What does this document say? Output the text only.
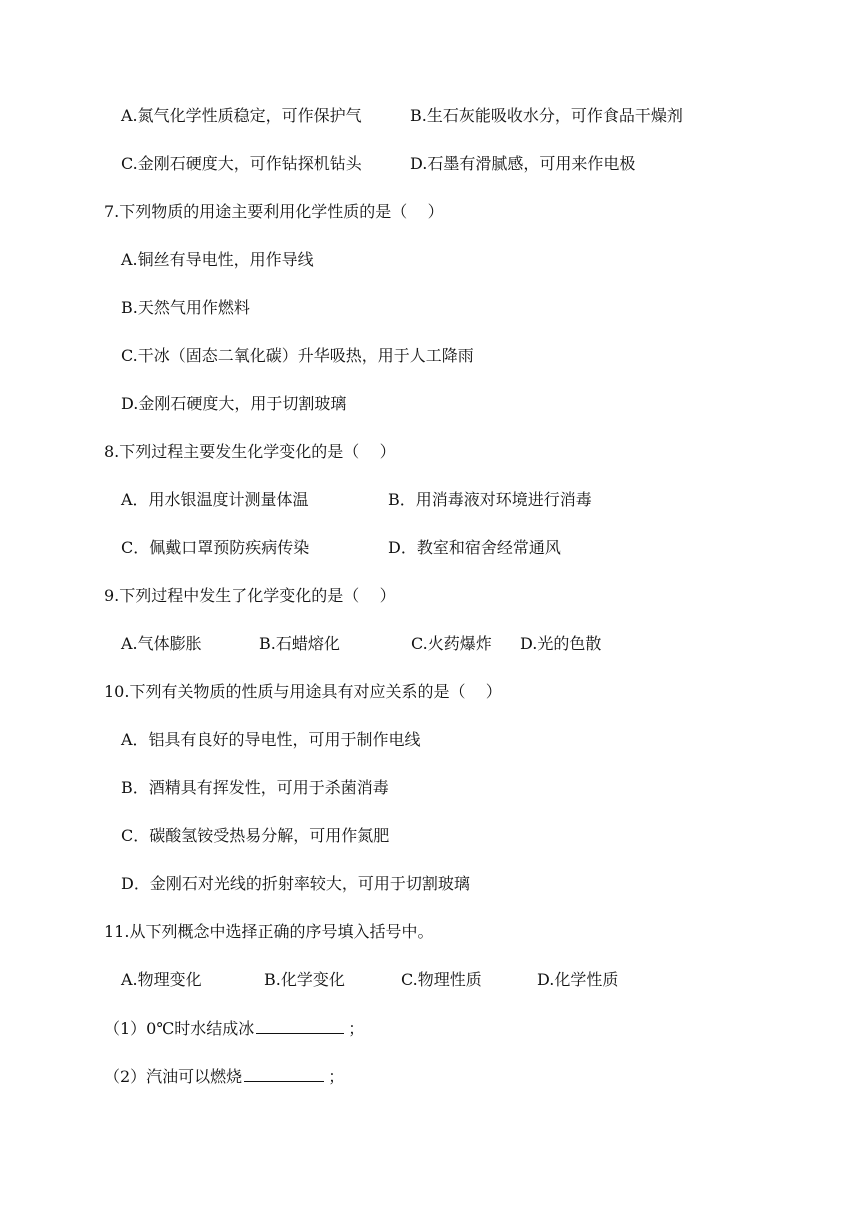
A.氮气化学性质稳定，可作保护气	B.生石灰能吸收水分，可作食品干燥剂
C.金刚石硬度大，可作钻探机钻头	D.石墨有滑腻感，可用来作电极
7.下列物质的用途主要利用化学性质的是（    ）
A.铜丝有导电性，用作导线
B.天然气用作燃料
C.干冰（固态二氧化碳）升华吸热，用于人工降雨
D.金刚石硬度大，用于切割玻璃
8.下列过程主要发生化学变化的是（    ）
A．用水银温度计测量体温	B．用消毒液对环境进行消毒
C．佩戴口罩预防疾病传染	D．教室和宿舍经常通风
9.下列过程中发生了化学变化的是（    ）
A.气体膨胀	B.石蜡熔化	C.火药爆炸 D.光的色散
10.下列有关物质的性质与用途具有对应关系的是（    ）
A．铝具有良好的导电性，可用于制作电线
B．酒精具有挥发性，可用于杀菌消毒
C．碳酸氢铵受热易分解，可用作氮肥
D．金刚石对光线的折射率较大，可用于切割玻璃
11.从下列概念中选择正确的序号填入括号中。
A.物理变化	B.化学变化	C.物理性质	D.化学性质
（1）0℃时水结成冰	；
（2）汽油可以燃烧	；
